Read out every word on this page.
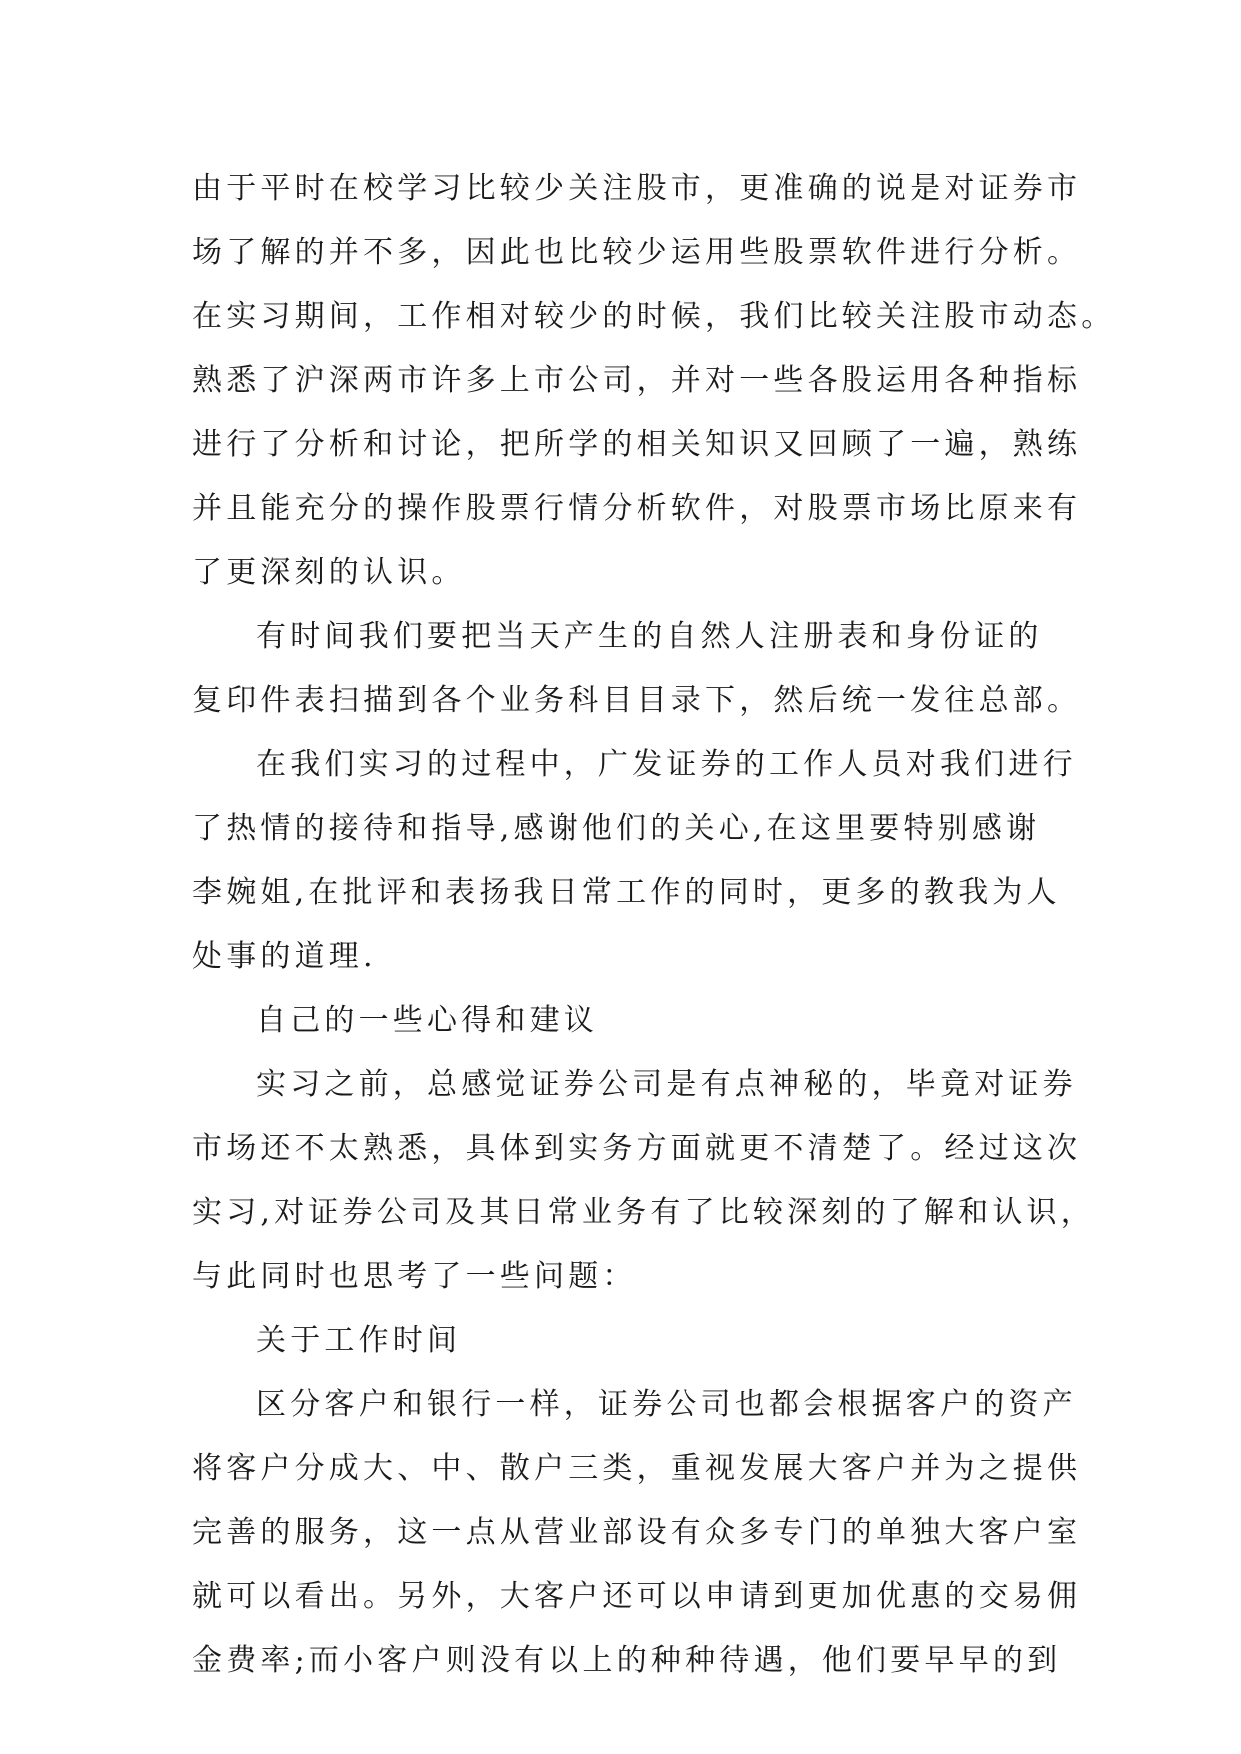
由于平时在校学习比较少关注股市，更准确的说是对证券市
场了解的并不多，因此也比较少运用些股票软件进行分析。
在实习期间，工作相对较少的时候，我们比较关注股市动态。
熟悉了沪深两市许多上市公司，并对一些各股运用各种指标
进行了分析和讨论，把所学的相关知识又回顾了一遍，熟练
并且能充分的操作股票行情分析软件，对股票市场比原来有
了更深刻的认识。
有时间我们要把当天产生的自然人注册表和身份证的
复印件表扫描到各个业务科目目录下，然后统一发往总部。
在我们实习的过程中，广发证券的工作人员对我们进行
了热情的接待和指导,感谢他们的关心,在这里要特别感谢
李婉姐,在批评和表扬我日常工作的同时，更多的教我为人
处事的道理.
自己的一些心得和建议
实习之前，总感觉证券公司是有点神秘的，毕竟对证券
市场还不太熟悉，具体到实务方面就更不清楚了。经过这次
实习,对证券公司及其日常业务有了比较深刻的了解和认识，
与此同时也思考了一些问题：
关于工作时间
区分客户和银行一样，证券公司也都会根据客户的资产
将客户分成大、中、散户三类，重视发展大客户并为之提供
完善的服务，这一点从营业部设有众多专门的单独大客户室
就可以看出。另外，大客户还可以申请到更加优惠的交易佣
金费率;而小客户则没有以上的种种待遇，他们要早早的到
